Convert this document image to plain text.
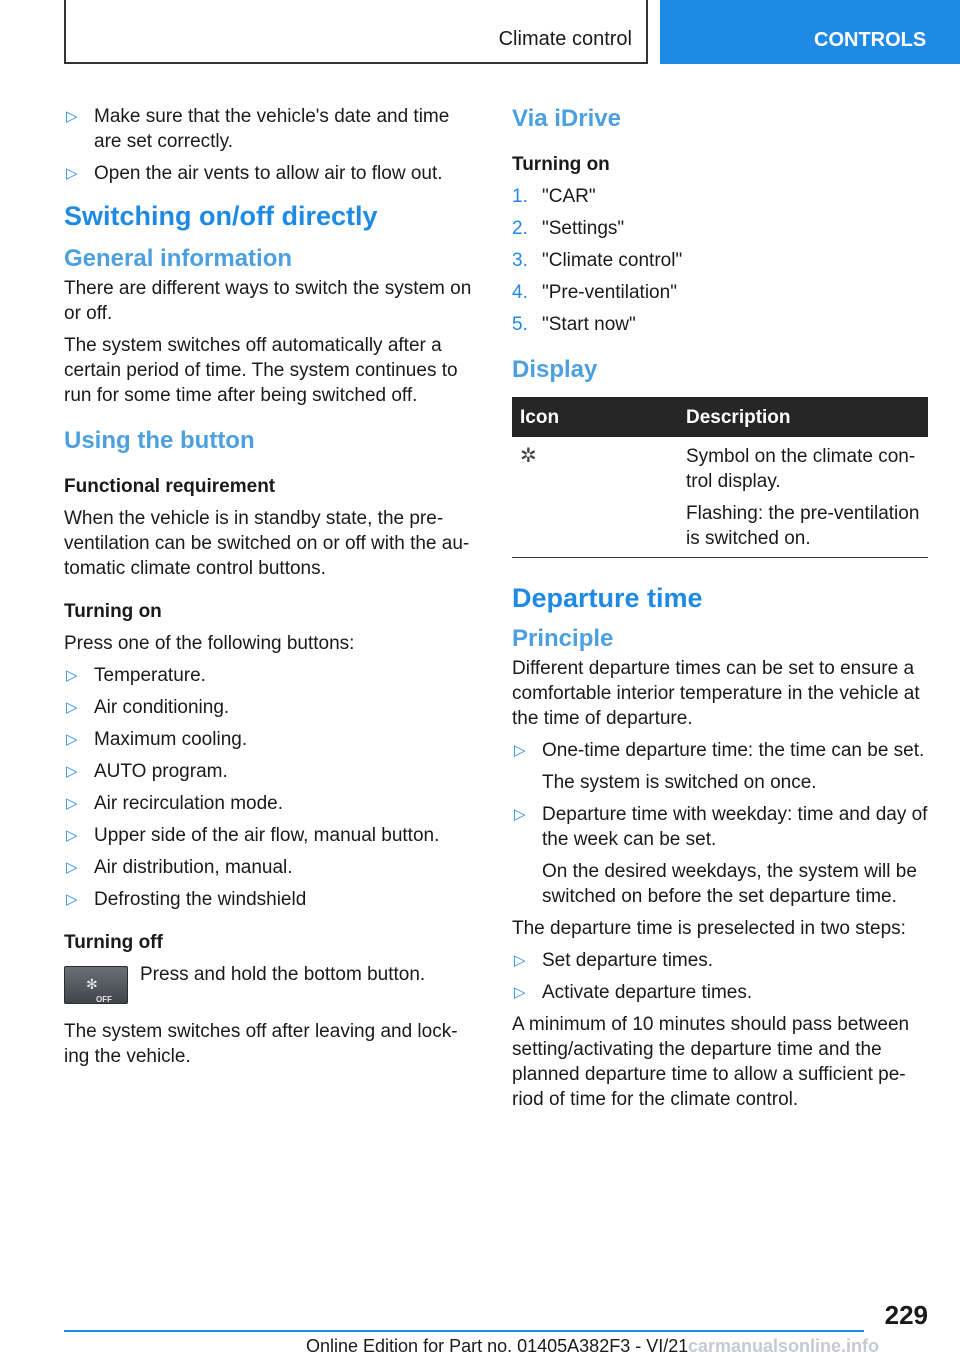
Climate control	CONTROLS
▷ Make sure that the vehicle's date and time are set correctly.
▷ Open the air vents to allow air to flow out.
Switching on/off directly
General information

There are different ways to switch the system on or off.

The system switches off automatically after a certain period of time. The system continues to run for some time after being switched off.

Using the button
Functional requirement

When the vehicle is in standby state, the pre-ventilation can be switched on or off with the au-tomatic climate control buttons.

Turning on

Press one of the following buttons:

▷ Temperature.
▷ Air conditioning.
▷ Maximum cooling.
▷ AUTO program.
▷ Air recirculation mode.
▷ Upper side of the air flow, manual button.
▷ Air distribution, manual.
▷ Defrosting the windshield
Turning off
✻
OFF
Press and hold the bottom button.

The system switches off after leaving and lock-ing the vehicle.

Via iDrive
Turning on
1. "CAR"
2. "Settings"
3. "Climate control"
4. "Pre-ventilation"
5. "Start now"
Display
Icon	Description
✲	Symbol on the climate con-trol display.

Flashing: the pre-ventilation is switched on.

Departure time
Principle

Different departure times can be set to ensure a comfortable interior temperature in the vehicle at the time of departure.

▷ One-time departure time: the time can be set.
The system is switched on once.
▷ Departure time with weekday: time and day of the week can be set.
On the desired weekdays, the system will be switched on before the set departure time.

The departure time is preselected in two steps:

▷ Set departure times.
▷ Activate departure times.

A minimum of 10 minutes should pass between setting/activating the departure time and the planned departure time to allow a sufficient pe-riod of time for the climate control.

229
Online Edition for Part no. 01405A382F3 - VI/21 carmanualsonline.info
